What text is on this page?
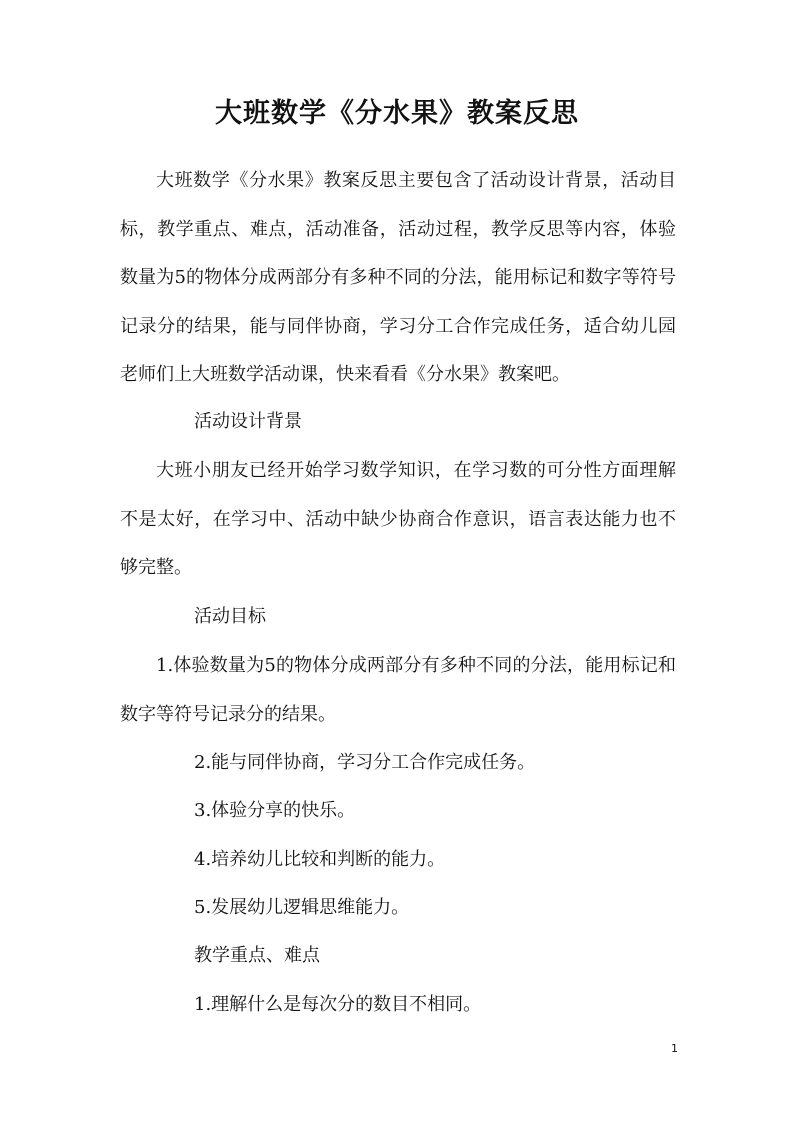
大班数学《分水果》教案反思

大班数学《分水果》教案反思主要包含了活动设计背景，活动目标，教学重点、难点，活动准备，活动过程，教学反思等内容，体验数量为5的物体分成两部分有多种不同的分法，能用标记和数字等符号记录分的结果，能与同伴协商，学习分工合作完成任务，适合幼儿园老师们上大班数学活动课，快来看看《分水果》教案吧。

活动设计背景

大班小朋友已经开始学习数学知识，在学习数的可分性方面理解不是太好，在学习中、活动中缺少协商合作意识，语言表达能力也不够完整。

活动目标

1.体验数量为5的物体分成两部分有多种不同的分法，能用标记和数字等符号记录分的结果。

2.能与同伴协商，学习分工合作完成任务。

3.体验分享的快乐。

4.培养幼儿比较和判断的能力。

5.发展幼儿逻辑思维能力。

教学重点、难点

1.理解什么是每次分的数目不相同。

1
